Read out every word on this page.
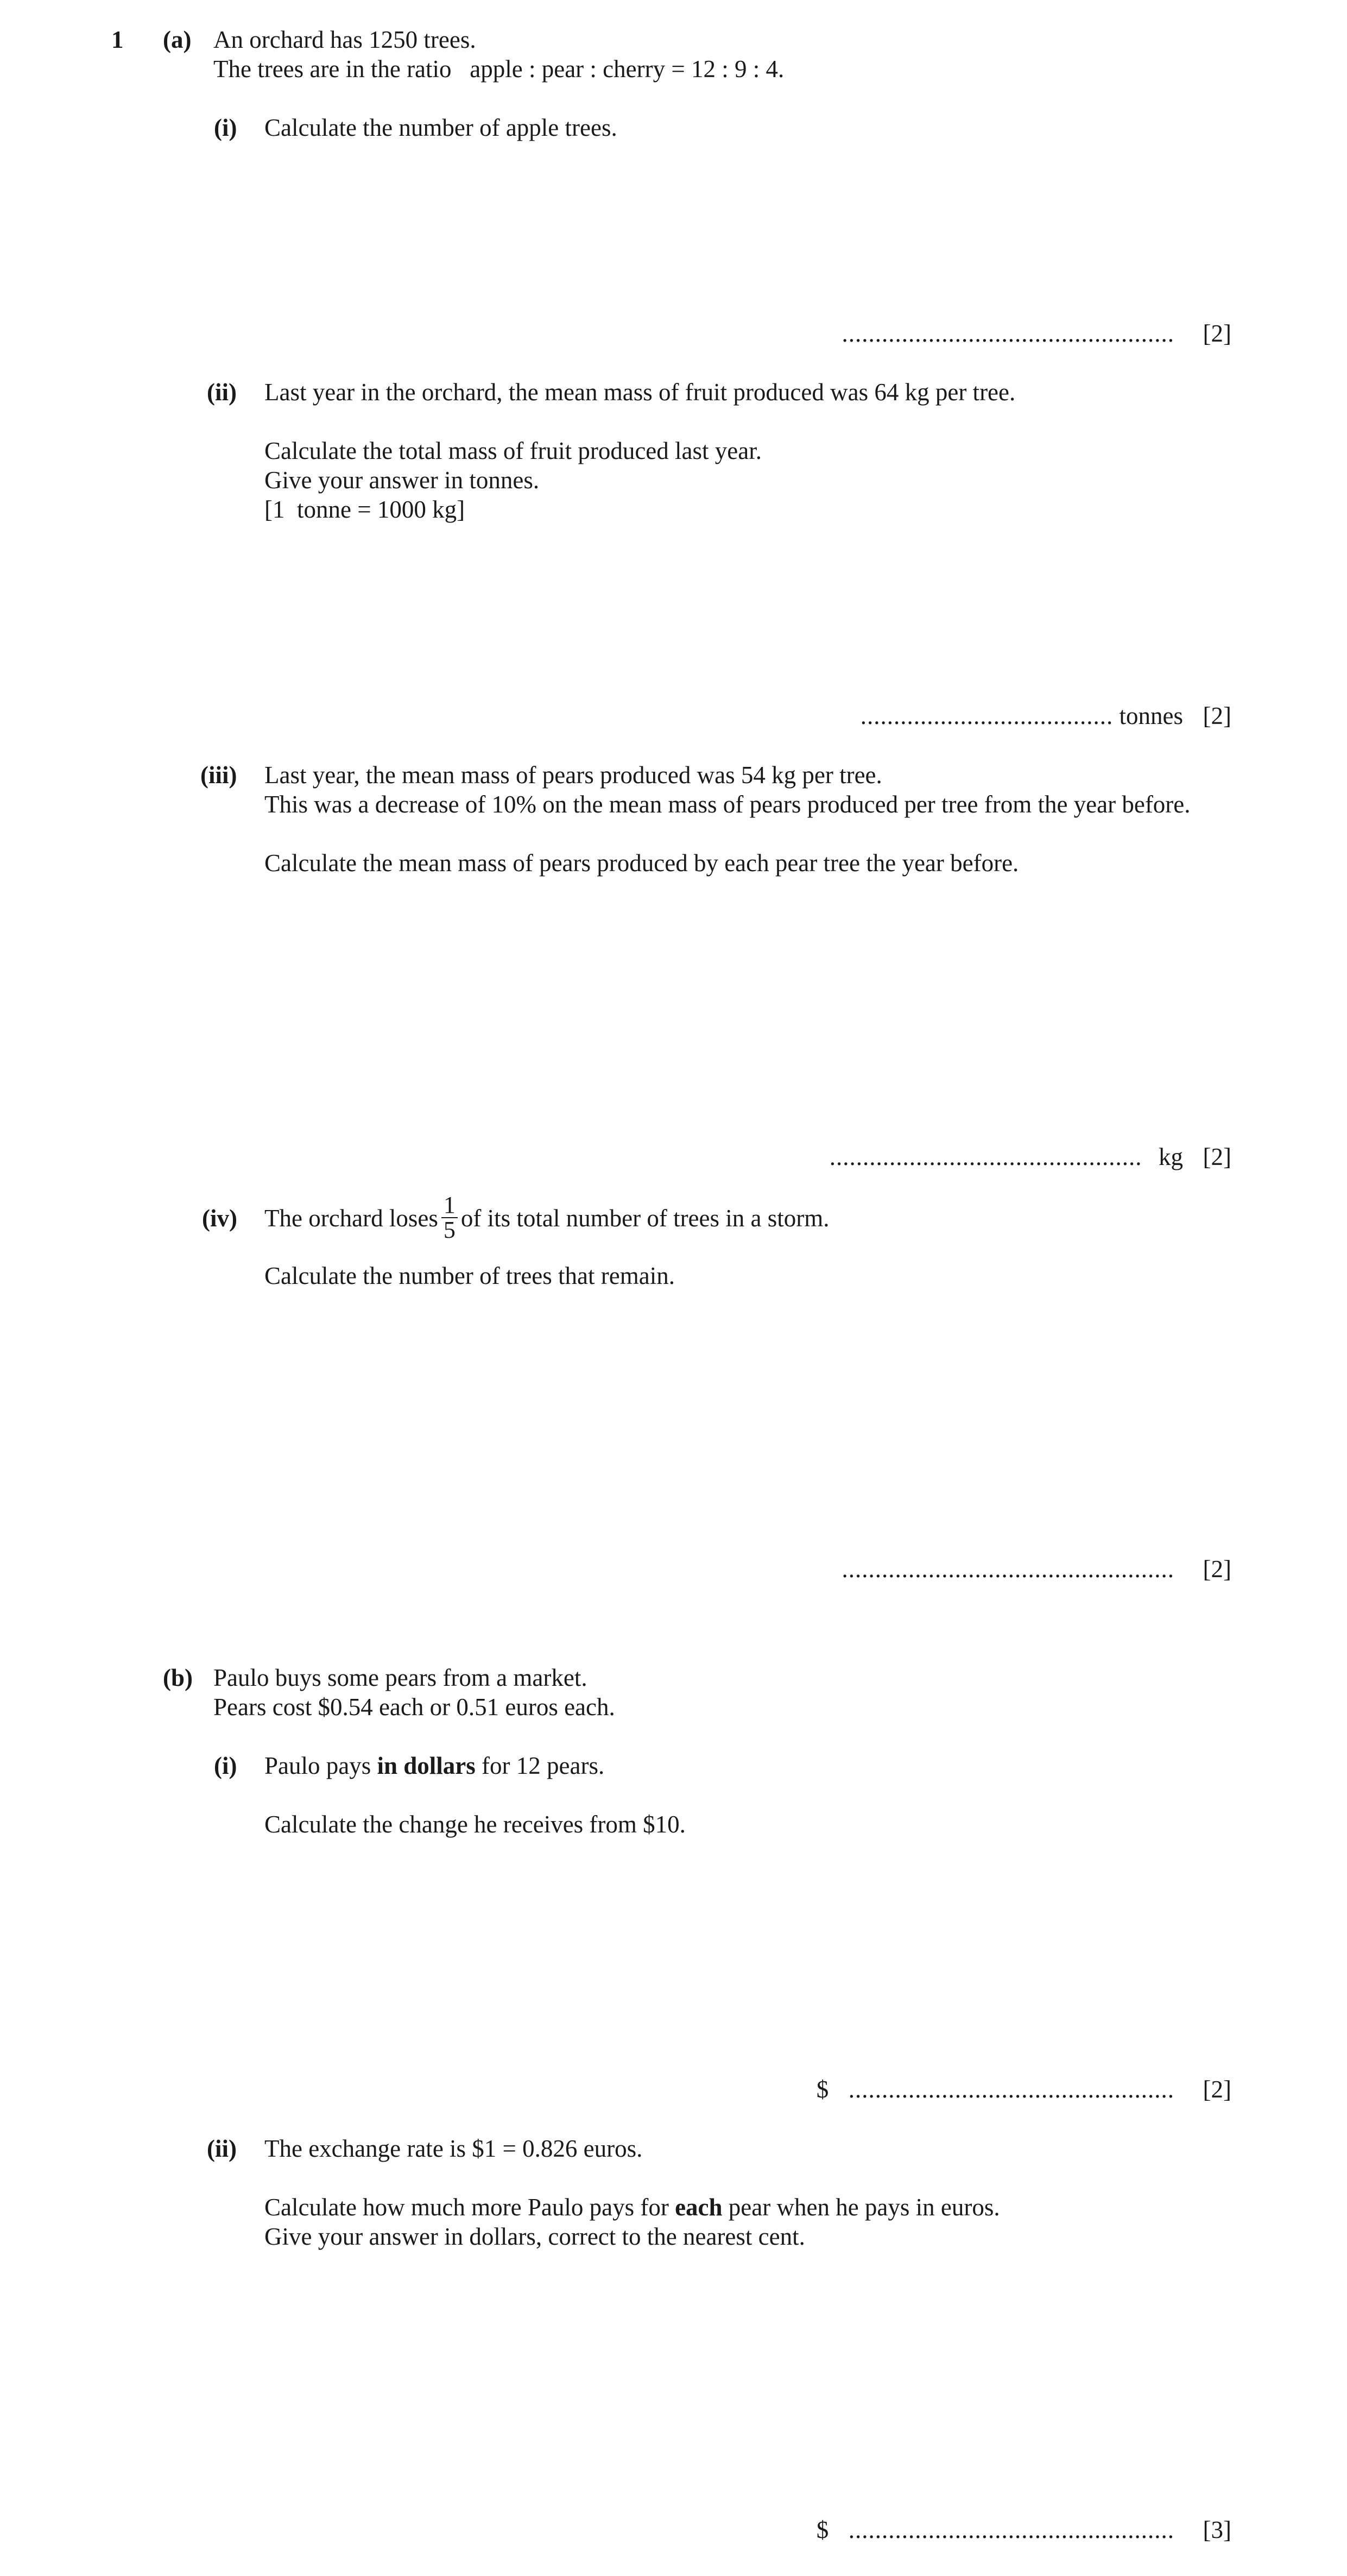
1 (a) An orchard has 1250 trees.
The trees are in the ratio   apple : pear : cherry = 12 : 9 : 4.
(i) Calculate the number of apple trees.
.................................................. [2]
(ii) Last year in the orchard, the mean mass of fruit produced was 64 kg per tree.
Calculate the total mass of fruit produced last year.
Give your answer in tonnes.
[1  tonne = 1000 kg]
...................................... tonnes [2]
(iii) Last year, the mean mass of pears produced was 54 kg per tree.
This was a decrease of 10% on the mean mass of pears produced per tree from the year before.
Calculate the mean mass of pears produced by each pear tree the year before.
............................................... kg [2]
(iv) The orchard loses $\frac{1}{5}$ of its total number of trees in a storm.
Calculate the number of trees that remain.
.................................................. [2]
(b) Paulo buys some pears from a market.
Pears cost $0.54 each or 0.51 euros each.
(i) Paulo pays in dollars for 12 pears.
Calculate the change he receives from $10.
$ ................................................. [2]
(ii) The exchange rate is $1 = 0.826 euros.
Calculate how much more Paulo pays for each pear when he pays in euros.
Give your answer in dollars, correct to the nearest cent.
$ ................................................. [3]
